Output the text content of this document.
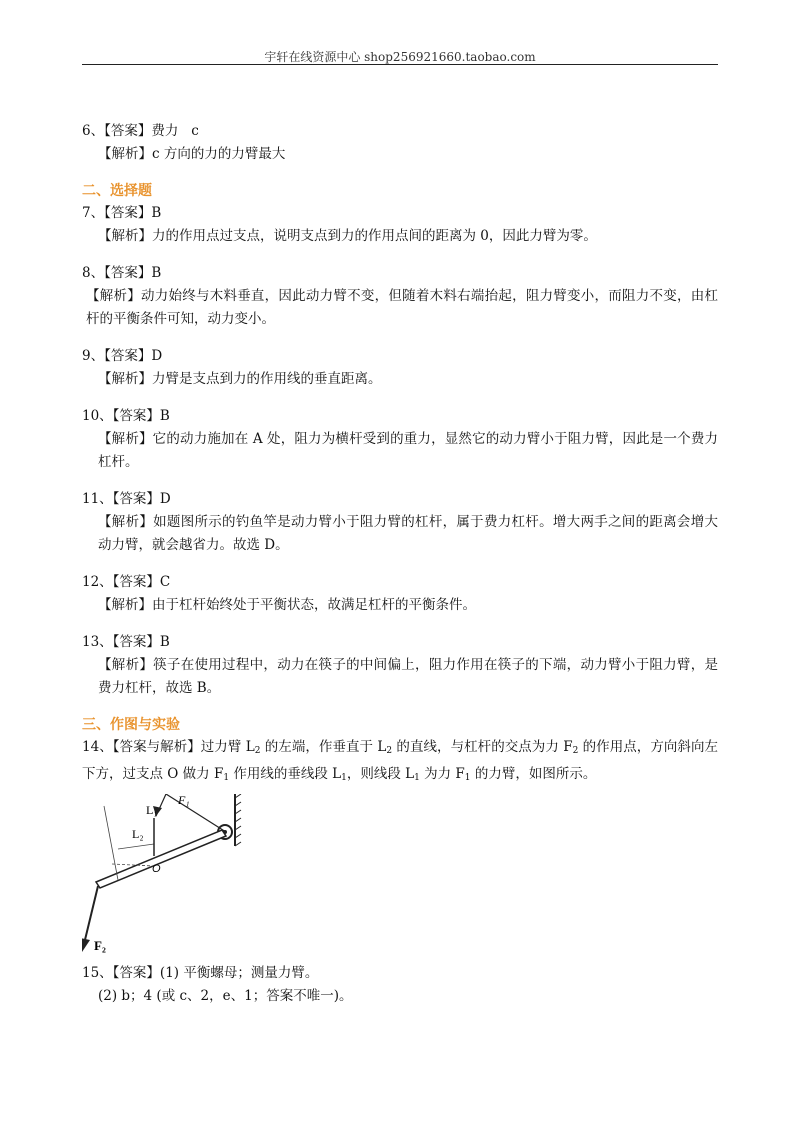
宇轩在线资源中心 shop256921660.taobao.com
6、【答案】费力   c
【解析】c 方向的力的力臂最大
二、选择题
7、【答案】B
【解析】力的作用点过支点，说明支点到力的作用点间的距离为 0，因此力臂为零。
8、【答案】B
【解析】动力始终与木料垂直，因此动力臂不变，但随着木料右端抬起，阻力臂变小，而阻力不变，由杠杆的平衡条件可知，动力变小。
9、【答案】D
【解析】力臂是支点到力的作用线的垂直距离。
10、【答案】B
【解析】它的动力施加在 A 处，阻力为横杆受到的重力，显然它的动力臂小于阻力臂，因此是一个费力杠杆。
11、【答案】D
【解析】如题图所示的钓鱼竿是动力臂小于阻力臂的杠杆，属于费力杠杆。增大两手之间的距离会增大动力臂，就会越省力。故选 D。
12、【答案】C
【解析】由于杠杆始终处于平衡状态，故满足杠杆的平衡条件。
13、【答案】B
【解析】筷子在使用过程中，动力在筷子的中间偏上，阻力作用在筷子的下端，动力臂小于阻力臂，是费力杠杆，故选 B。
三、作图与实验
14、【答案与解析】过力臂 $L_2$ 的左端，作垂直于 $L_2$ 的直线，与杠杆的交点为力 $F_2$ 的作用点，方向斜向左下方，过支点 O 做力 $F_1$ 作用线的垂线段 $L_1$，则线段 $L_1$ 为力 $F_1$ 的力臂，如图所示。
L₁
L₂
F₁
F₂
O
15、【答案】(1) 平衡螺母；测量力臂。
(2) b；4 (或 c、2，e、1；答案不唯一)。
